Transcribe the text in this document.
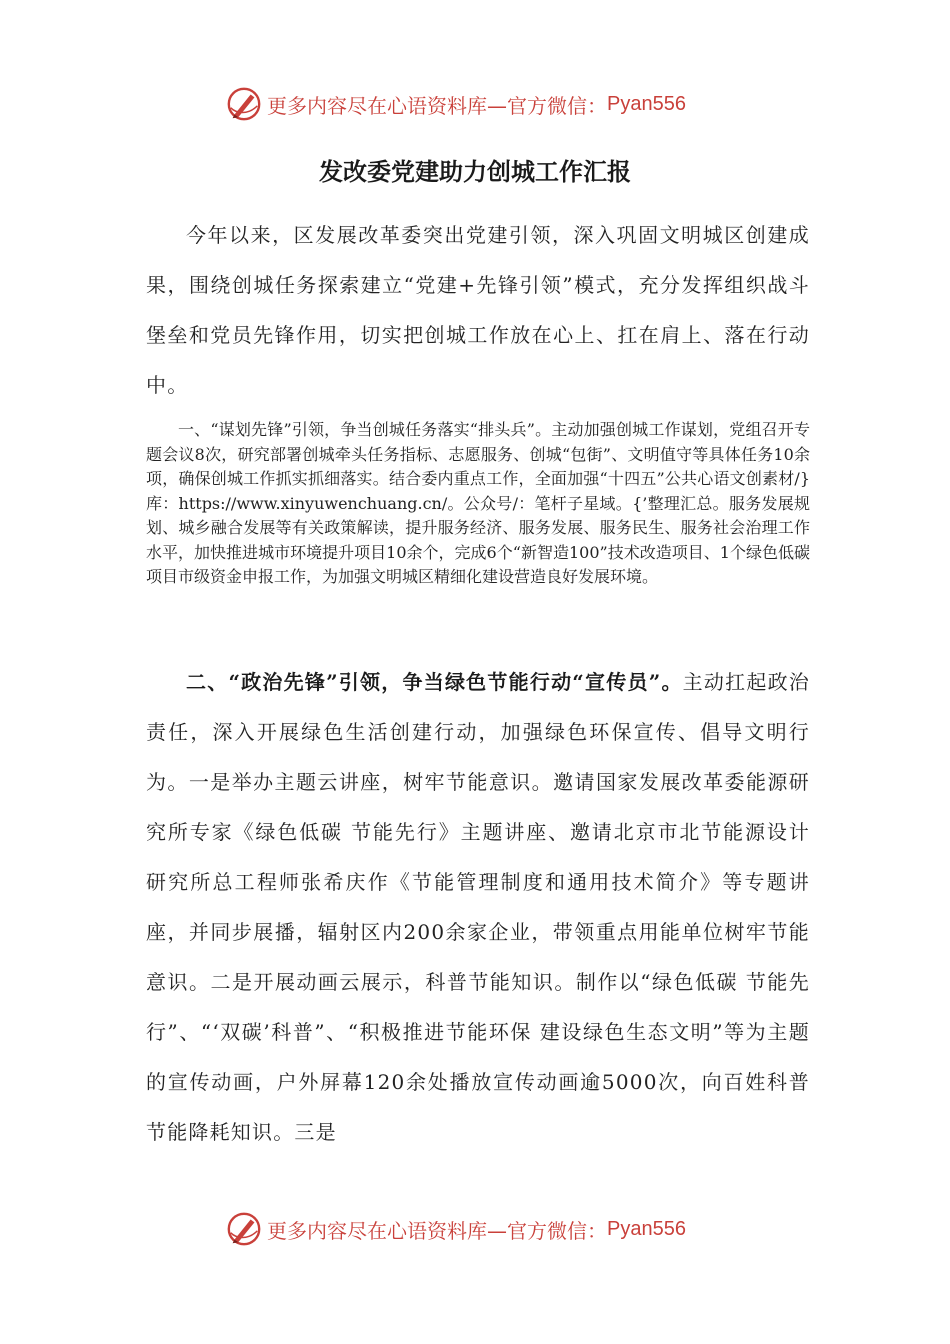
更多内容尽在心语资料库—官方微信： Pyan556
发改委党建助力创城工作汇报

今年以来，区发展改革委突出党建引领，深入巩固文明城区创建成果，围绕创城任务探索建立“党建+先锋引领”模式，充分发挥组织战斗堡垒和党员先锋作用，切实把创城工作放在心上、扛在肩上、落在行动中。

一、“谋划先锋”引领，争当创城任务落实“排头兵”。主动加强创城工作谋划，党组召开专题会议8次，研究部署创城牵头任务指标、志愿服务、创城“包街”、文明值守等具体任务10余项，确保创城工作抓实抓细落实。结合委内重点工作，全面加强“十四五”公共心语文创素材/}库：https://www.xinyuwenchuang.cn/。公众号/：笔杆子星域。{’整理汇总。服务发展规划、城乡融合发展等有关政策解读，提升服务经济、服务发展、服务民生、服务社会治理工作水平，加快推进城市环境提升项目10余个，完成6个“新智造100”技术改造项目、1个绿色低碳项目市级资金申报工作，为加强文明城区精细化建设营造良好发展环境。

二、“政治先锋”引领，争当绿色节能行动“宣传员”。主动扛起政治责任，深入开展绿色生活创建行动，加强绿色环保宣传、倡导文明行为。一是举办主题云讲座，树牢节能意识。邀请国家发展改革委能源研究所专家《绿色低碳 节能先行》主题讲座、邀请北京市北节能源设计研究所总工程师张希庆作《节能管理制度和通用技术简介》等专题讲座，并同步展播，辐射区内200余家企业，带领重点用能单位树牢节能意识。二是开展动画云展示，科普节能知识。制作以“绿色低碳 节能先行”、“‘双碳’科普”、“积极推进节能环保 建设绿色生态文明”等为主题的宣传动画，户外屏幕120余处播放宣传动画逾5000次，向百姓科普节能降耗知识。三是

更多内容尽在心语资料库—官方微信： Pyan556
